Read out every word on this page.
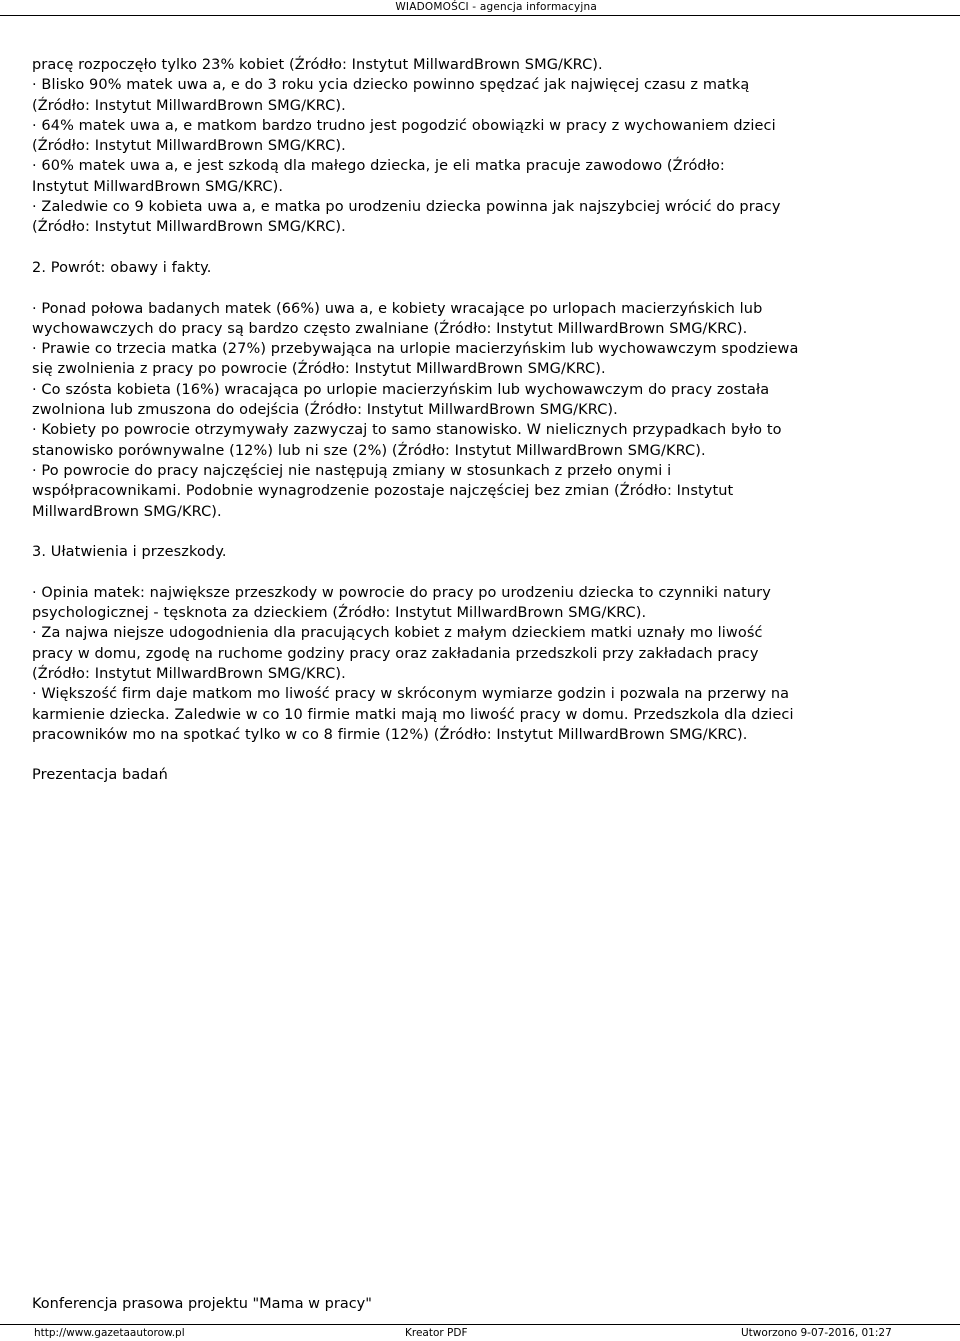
WIADOMOŚCI - agencja informacyjna

pracę rozpoczęło tylko 23% kobiet (Źródło: Instytut MillwardBrown SMG/KRC).

· Blisko 90% matek uwa a, e do 3 roku ycia dziecko powinno spędzać jak najwięcej czasu z matką

(Źródło: Instytut MillwardBrown SMG/KRC).

· 64% matek uwa a, e matkom bardzo trudno jest pogodzić obowiązki w pracy z wychowaniem dzieci

(Źródło: Instytut MillwardBrown SMG/KRC).

· 60% matek uwa a, e jest szkodą dla małego dziecka, je eli matka pracuje zawodowo (Źródło:

Instytut MillwardBrown SMG/KRC).

· Zaledwie co 9 kobieta uwa a, e matka po urodzeniu dziecka powinna jak najszybciej wrócić do pracy

(Źródło: Instytut MillwardBrown SMG/KRC).

2. Powrót: obawy i fakty.

· Ponad połowa badanych matek (66%) uwa a, e kobiety wracające po urlopach macierzyńskich lub

wychowawczych do pracy są bardzo często zwalniane (Źródło: Instytut MillwardBrown SMG/KRC).

· Prawie co trzecia matka (27%) przebywająca na urlopie macierzyńskim lub wychowawczym spodziewa

się zwolnienia z pracy po powrocie (Źródło: Instytut MillwardBrown SMG/KRC).

· Co szósta kobieta (16%) wracająca po urlopie macierzyńskim lub wychowawczym do pracy została

zwolniona lub zmuszona do odejścia (Źródło: Instytut MillwardBrown SMG/KRC).

· Kobiety po powrocie otrzymywały zazwyczaj to samo stanowisko. W nielicznych przypadkach było to

stanowisko porównywalne (12%) lub ni sze (2%) (Źródło: Instytut MillwardBrown SMG/KRC).

· Po powrocie do pracy najczęściej nie następują zmiany w stosunkach z przeło onymi i

współpracownikami. Podobnie wynagrodzenie pozostaje najczęściej bez zmian (Źródło: Instytut

MillwardBrown SMG/KRC).

3. Ułatwienia i przeszkody.

· Opinia matek: największe przeszkody w powrocie do pracy po urodzeniu dziecka to czynniki natury

psychologicznej - tęsknota za dzieckiem (Źródło: Instytut MillwardBrown SMG/KRC).

· Za najwa niejsze udogodnienia dla pracujących kobiet z małym dzieckiem matki uznały mo liwość

pracy w domu, zgodę na ruchome godziny pracy oraz zakładania przedszkoli przy zakładach pracy

(Źródło: Instytut MillwardBrown SMG/KRC).

· Większość firm daje matkom mo liwość pracy w skróconym wymiarze godzin i pozwala na przerwy na

karmienie dziecka. Zaledwie w co 10 firmie matki mają mo liwość pracy w domu. Przedszkola dla dzieci

pracowników mo na spotkać tylko w co 8 firmie (12%) (Źródło: Instytut MillwardBrown SMG/KRC).

Prezentacja badań

Konferencja prasowa projektu "Mama w pracy"
http://www.gazetaautorow.pl	Kreator PDF	Utworzono 9-07-2016, 01:27
